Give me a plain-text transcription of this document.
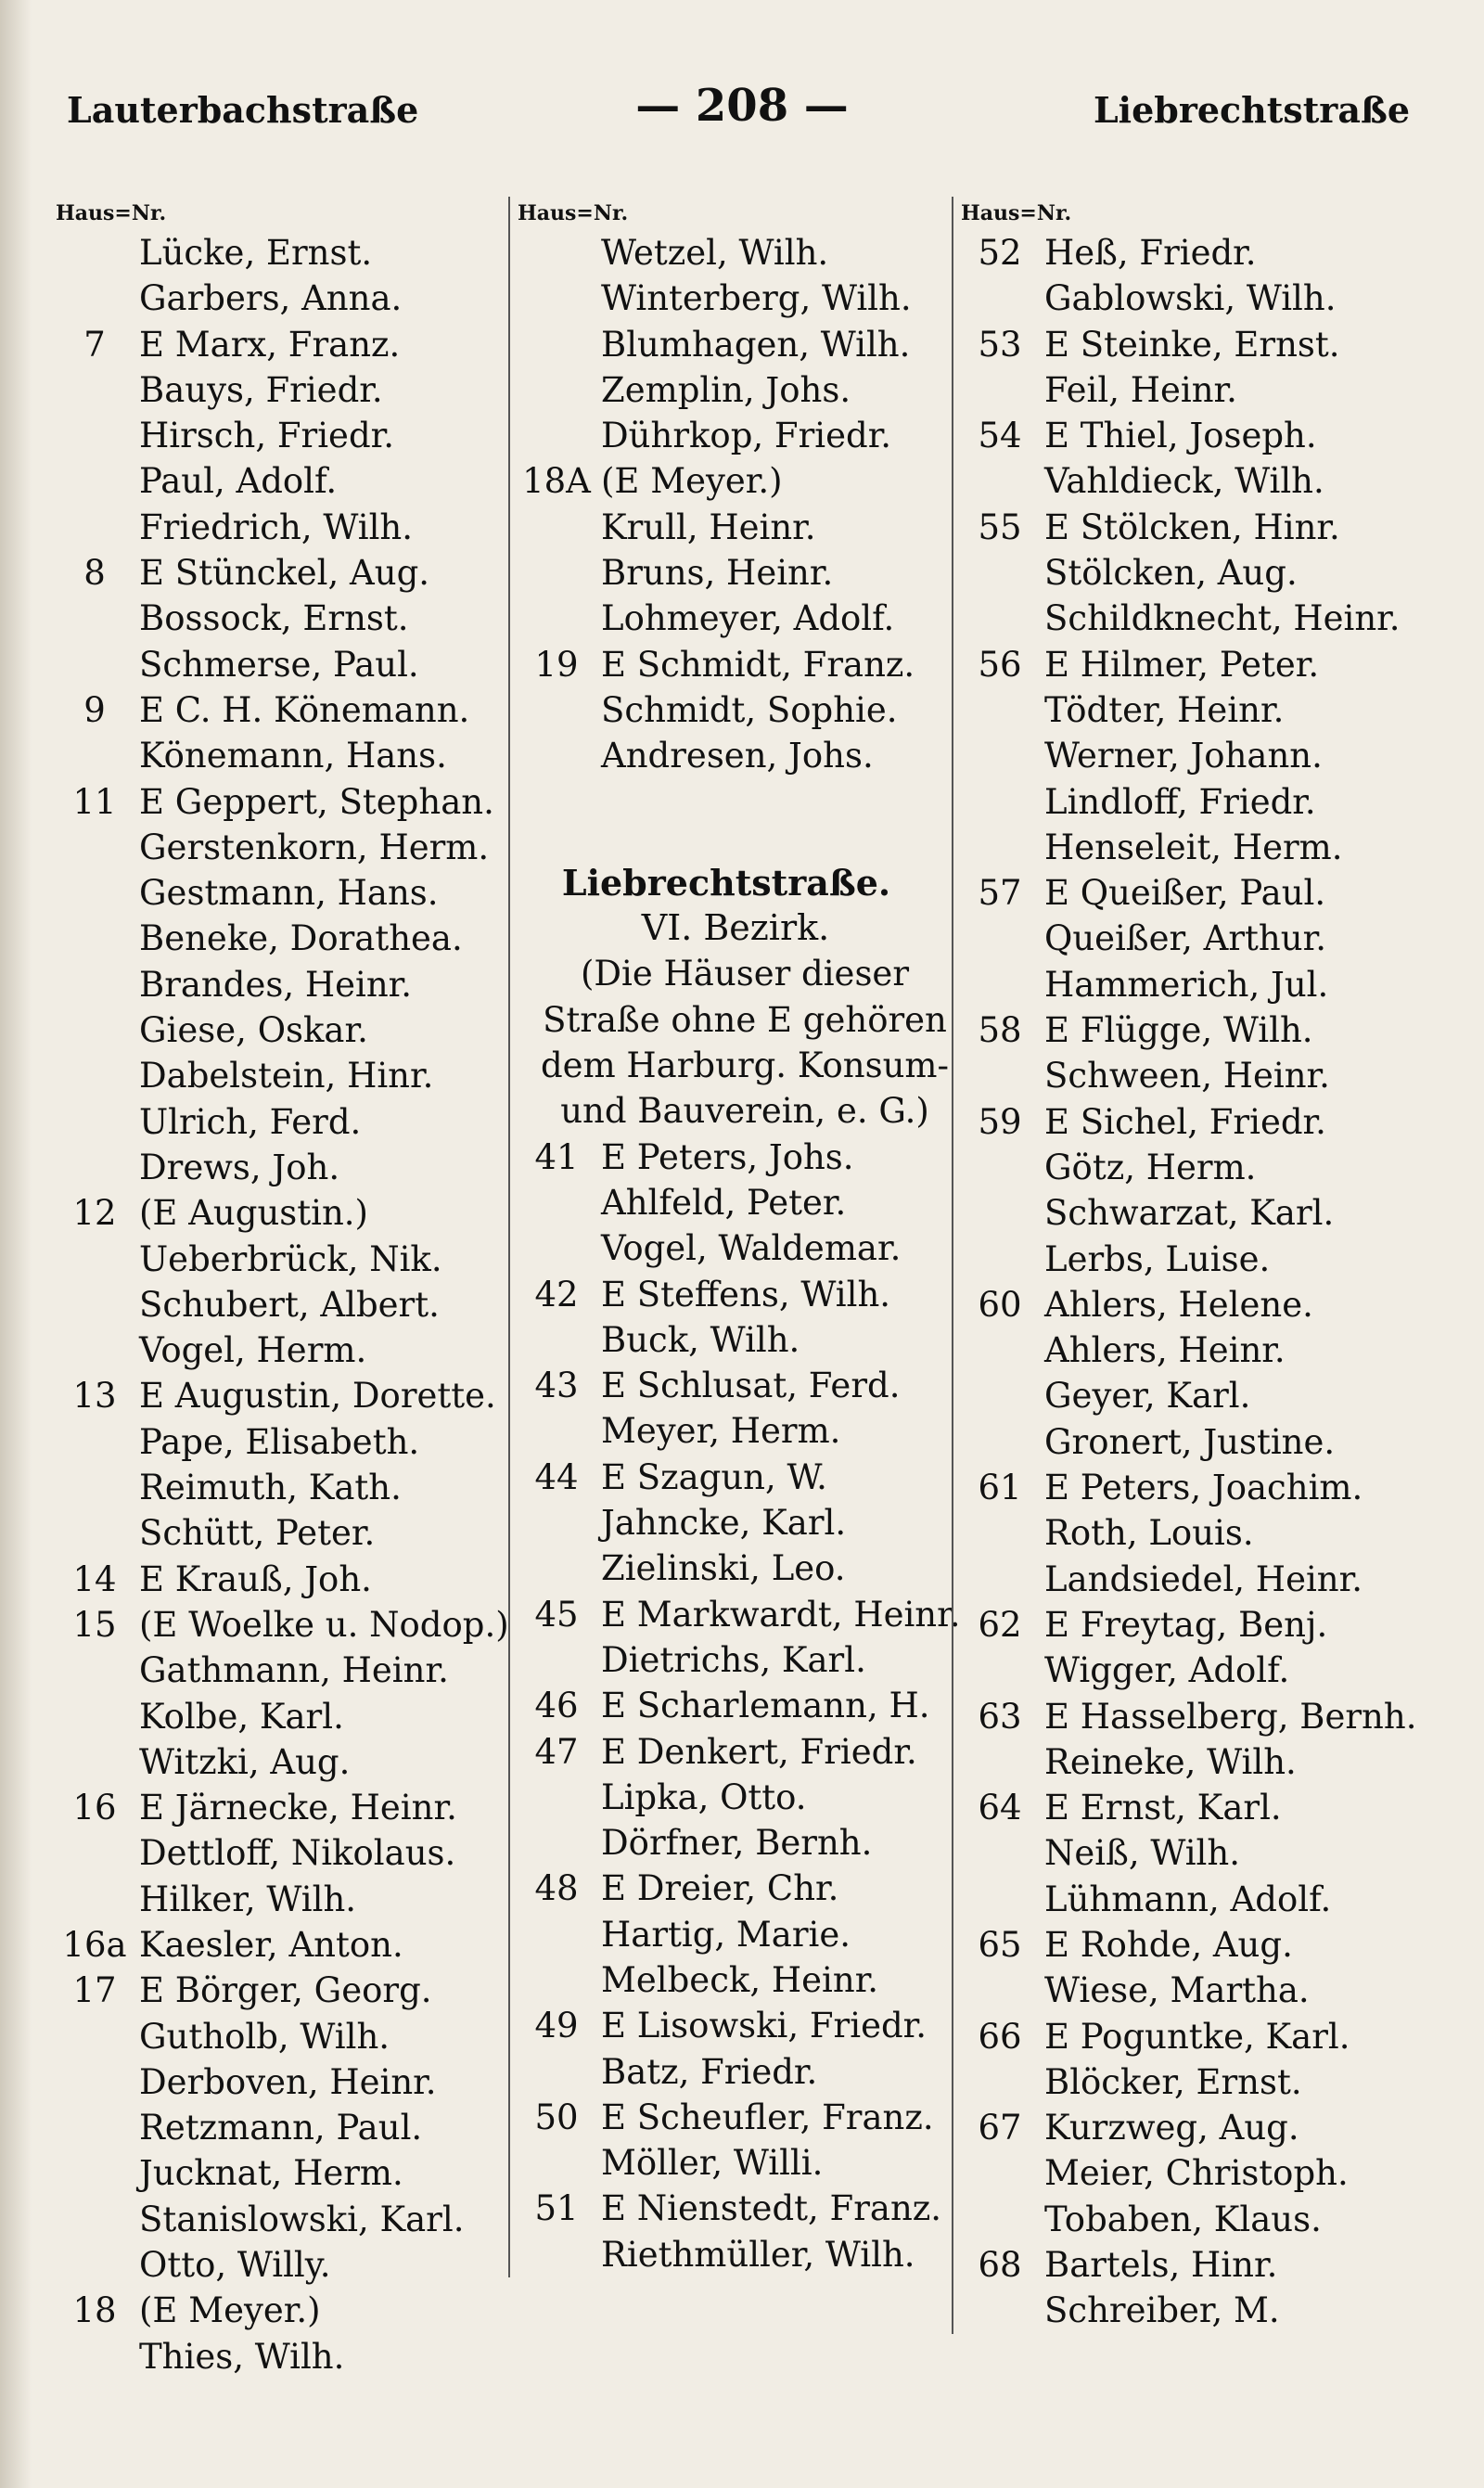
Lauterbachstraße	— 208 —	Liebrechtstraße
Haus=Nr.
Lücke, Ernst.
Garbers, Anna.
7 E Marx, Franz.
Bauys, Friedr.
Hirsch, Friedr.
Paul, Adolf.
Friedrich, Wilh.
8 E Stünckel, Aug.
Bossock, Ernst.
Schmerse, Paul.
9 E C. H. Könemann.
Könemann, Hans.
11 E Geppert, Stephan.
Gerstenkorn, Herm.
Gestmann, Hans.
Beneke, Dorathea.
Brandes, Heinr.
Giese, Oskar.
Dabelstein, Hinr.
Ulrich, Ferd.
Drews, Joh.
12 (E Augustin.)
Ueberbrück, Nik.
Schubert, Albert.
Vogel, Herm.
13 E Augustin, Dorette.
Pape, Elisabeth.
Reimuth, Kath.
Schütt, Peter.
14 E Krauß, Joh.
15 (E Woelke u. Nodop.)
Gathmann, Heinr.
Kolbe, Karl.
Witzki, Aug.
16 E Järnecke, Heinr.
Dettloff, Nikolaus.
Hilker, Wilh.
16a Kaesler, Anton.
17 E Börger, Georg.
Gutholb, Wilh.
Derboven, Heinr.
Retzmann, Paul.
Jucknat, Herm.
Stanislowski, Karl.
Otto, Willy.
18 (E Meyer.)
Thies, Wilh.
Haus=Nr.
Wetzel, Wilh.
Winterberg, Wilh.
Blumhagen, Wilh.
Zemplin, Johs.
Dührkop, Friedr.
18A (E Meyer.)
Krull, Heinr.
Bruns, Heinr.
Lohmeyer, Adolf.
19 E Schmidt, Franz.
Schmidt, Sophie.
Andresen, Johs.
Liebrechtstraße.
VI. Bezirk.
(Die Häuser dieser
Straße ohne E gehören
dem Harburg. Konsum-
und Bauverein, e. G.)
41 E Peters, Johs.
Ahlfeld, Peter.
Vogel, Waldemar.
42 E Steffens, Wilh.
Buck, Wilh.
43 E Schlusat, Ferd.
Meyer, Herm.
44 E Szagun, W.
Jahncke, Karl.
Zielinski, Leo.
45 E Markwardt, Heinr.
Dietrichs, Karl.
46 E Scharlemann, H.
47 E Denkert, Friedr.
Lipka, Otto.
Dörfner, Bernh.
48 E Dreier, Chr.
Hartig, Marie.
Melbeck, Heinr.
49 E Lisowski, Friedr.
Batz, Friedr.
50 E Scheufler, Franz.
Möller, Willi.
51 E Nienstedt, Franz.
Riethmüller, Wilh.
Haus=Nr.
52 Heß, Friedr.
Gablowski, Wilh.
53 E Steinke, Ernst.
Feil, Heinr.
54 E Thiel, Joseph.
Vahldieck, Wilh.
55 E Stölcken, Hinr.
Stölcken, Aug.
Schildknecht, Heinr.
56 E Hilmer, Peter.
Tödter, Heinr.
Werner, Johann.
Lindloff, Friedr.
Henseleit, Herm.
57 E Queißer, Paul.
Queißer, Arthur.
Hammerich, Jul.
58 E Flügge, Wilh.
Schween, Heinr.
59 E Sichel, Friedr.
Götz, Herm.
Schwarzat, Karl.
Lerbs, Luise.
60 Ahlers, Helene.
Ahlers, Heinr.
Geyer, Karl.
Gronert, Justine.
61 E Peters, Joachim.
Roth, Louis.
Landsiedel, Heinr.
62 E Freytag, Benj.
Wigger, Adolf.
63 E Hasselberg, Bernh.
Reineke, Wilh.
64 E Ernst, Karl.
Neiß, Wilh.
Lühmann, Adolf.
65 E Rohde, Aug.
Wiese, Martha.
66 E Poguntke, Karl.
Blöcker, Ernst.
67 Kurzweg, Aug.
Meier, Christoph.
Tobaben, Klaus.
68 Bartels, Hinr.
Schreiber, M.
